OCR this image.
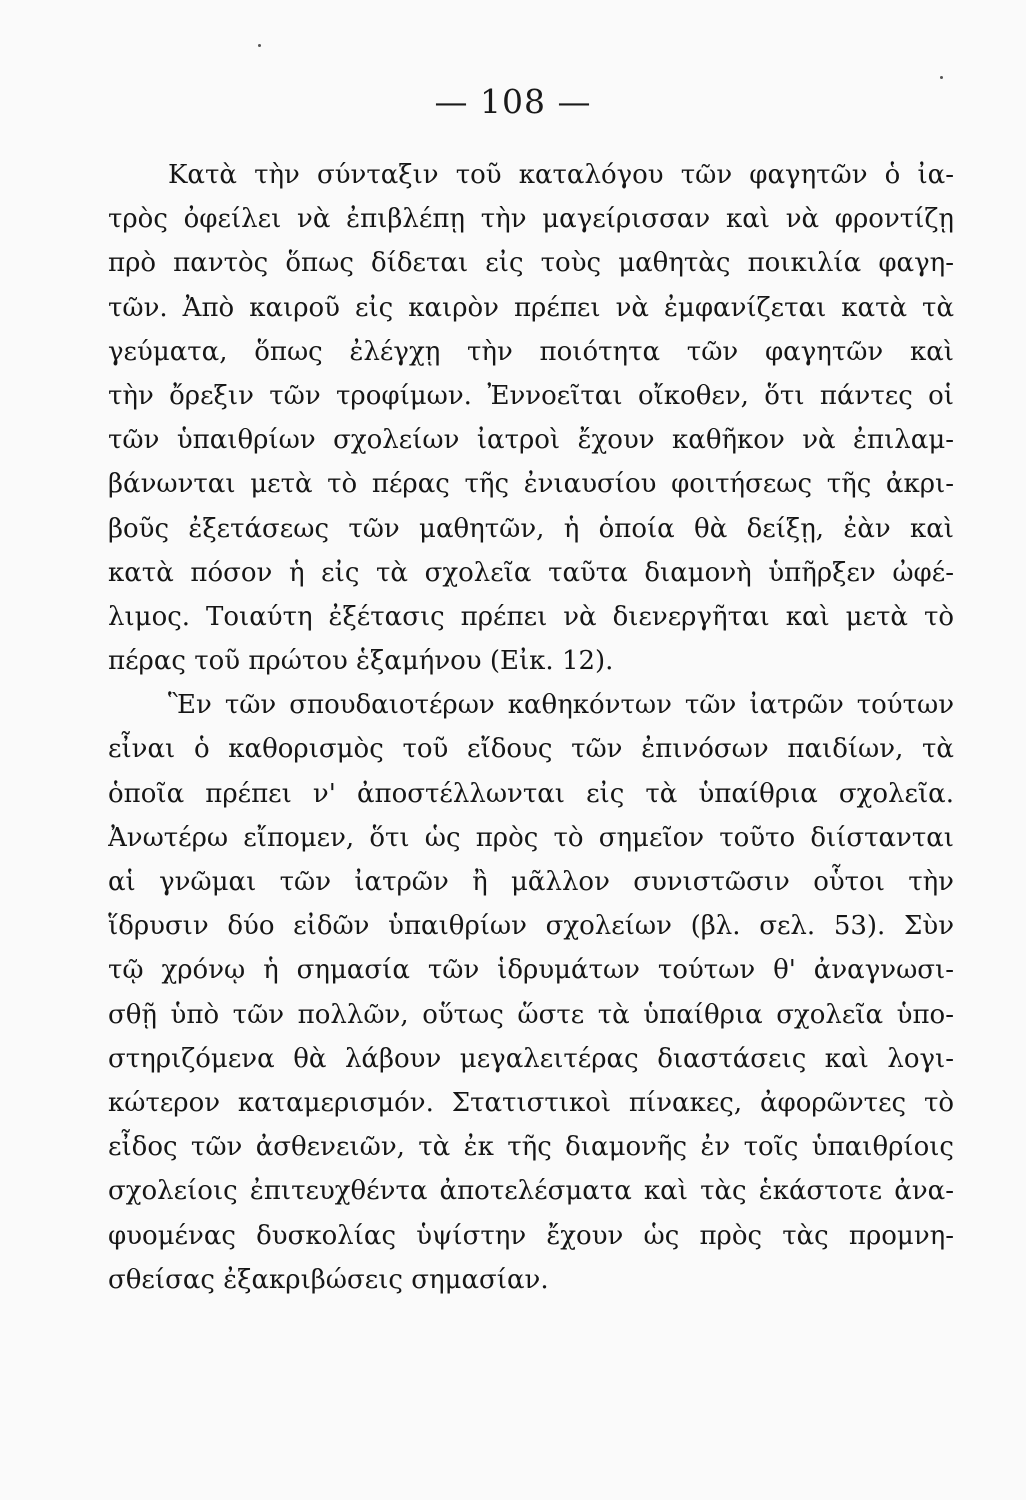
— 108 —
Κατὰ τὴν σύνταξιν τοῦ καταλόγου τῶν φαγητῶν ὁ ἰα-
τρὸς ὀφείλει νὰ ἐπιβλέπῃ τὴν μαγείρισσαν καὶ νὰ φροντίζῃ
πρὸ παντὸς ὅπως δίδεται εἰς τοὺς μαθητὰς ποικιλία φαγη-
τῶν. Ἀπὸ καιροῦ εἰς καιρὸν πρέπει νὰ ἐμφανίζεται κατὰ τὰ
γεύματα, ὅπως ἐλέγχῃ τὴν ποιότητα τῶν φαγητῶν καὶ
τὴν ὄρεξιν τῶν τροφίμων. Ἐννοεῖται οἴκοθεν, ὅτι πάντες οἱ
τῶν ὑπαιθρίων σχολείων ἰατροὶ ἔχουν καθῆκον νὰ ἐπιλαμ-
βάνωνται μετὰ τὸ πέρας τῆς ἐνιαυσίου φοιτήσεως τῆς ἀκρι-
βοῦς ἐξετάσεως τῶν μαθητῶν, ἡ ὁποία θὰ δείξῃ, ἐὰν καὶ
κατὰ πόσον ἡ εἰς τὰ σχολεῖα ταῦτα διαμονὴ ὑπῆρξεν ὠφέ-
λιμος. Τοιαύτη ἐξέτασις πρέπει νὰ διενεργῆται καὶ μετὰ τὸ
πέρας τοῦ πρώτου ἑξαμήνου (Εἰκ. 12).
Ἓν τῶν σπουδαιοτέρων καθηκόντων τῶν ἰατρῶν τούτων
εἶναι ὁ καθορισμὸς τοῦ εἴδους τῶν ἐπινόσων παιδίων, τὰ
ὁποῖα πρέπει ν' ἀποστέλλωνται εἰς τὰ ὑπαίθρια σχολεῖα.
Ἀνωτέρω εἴπομεν, ὅτι ὡς πρὸς τὸ σημεῖον τοῦτο διίστανται
αἱ γνῶμαι τῶν ἰατρῶν ἢ μᾶλλον συνιστῶσιν οὗτοι τὴν
ἵδρυσιν δύο εἰδῶν ὑπαιθρίων σχολείων (βλ. σελ. 53). Σὺν
τῷ χρόνῳ ἡ σημασία τῶν ἱδρυμάτων τούτων θ' ἀναγνωσι-
σθῇ ὑπὸ τῶν πολλῶν, οὕτως ὥστε τὰ ὑπαίθρια σχολεῖα ὑπο-
στηριζόμενα θὰ λάβουν μεγαλειτέρας διαστάσεις καὶ λογι-
κώτερον καταμερισμόν. Στατιστικοὶ πίνακες, ἀφορῶντες τὸ
εἶδος τῶν ἀσθενειῶν, τὰ ἐκ τῆς διαμονῆς ἐν τοῖς ὑπαιθρίοις
σχολείοις ἐπιτευχθέντα ἀποτελέσματα καὶ τὰς ἑκάστοτε ἀνα-
φυομένας δυσκολίας ὑψίστην ἔχουν ὡς πρὸς τὰς προμνη-
σθείσας ἐξακριβώσεις σημασίαν.
